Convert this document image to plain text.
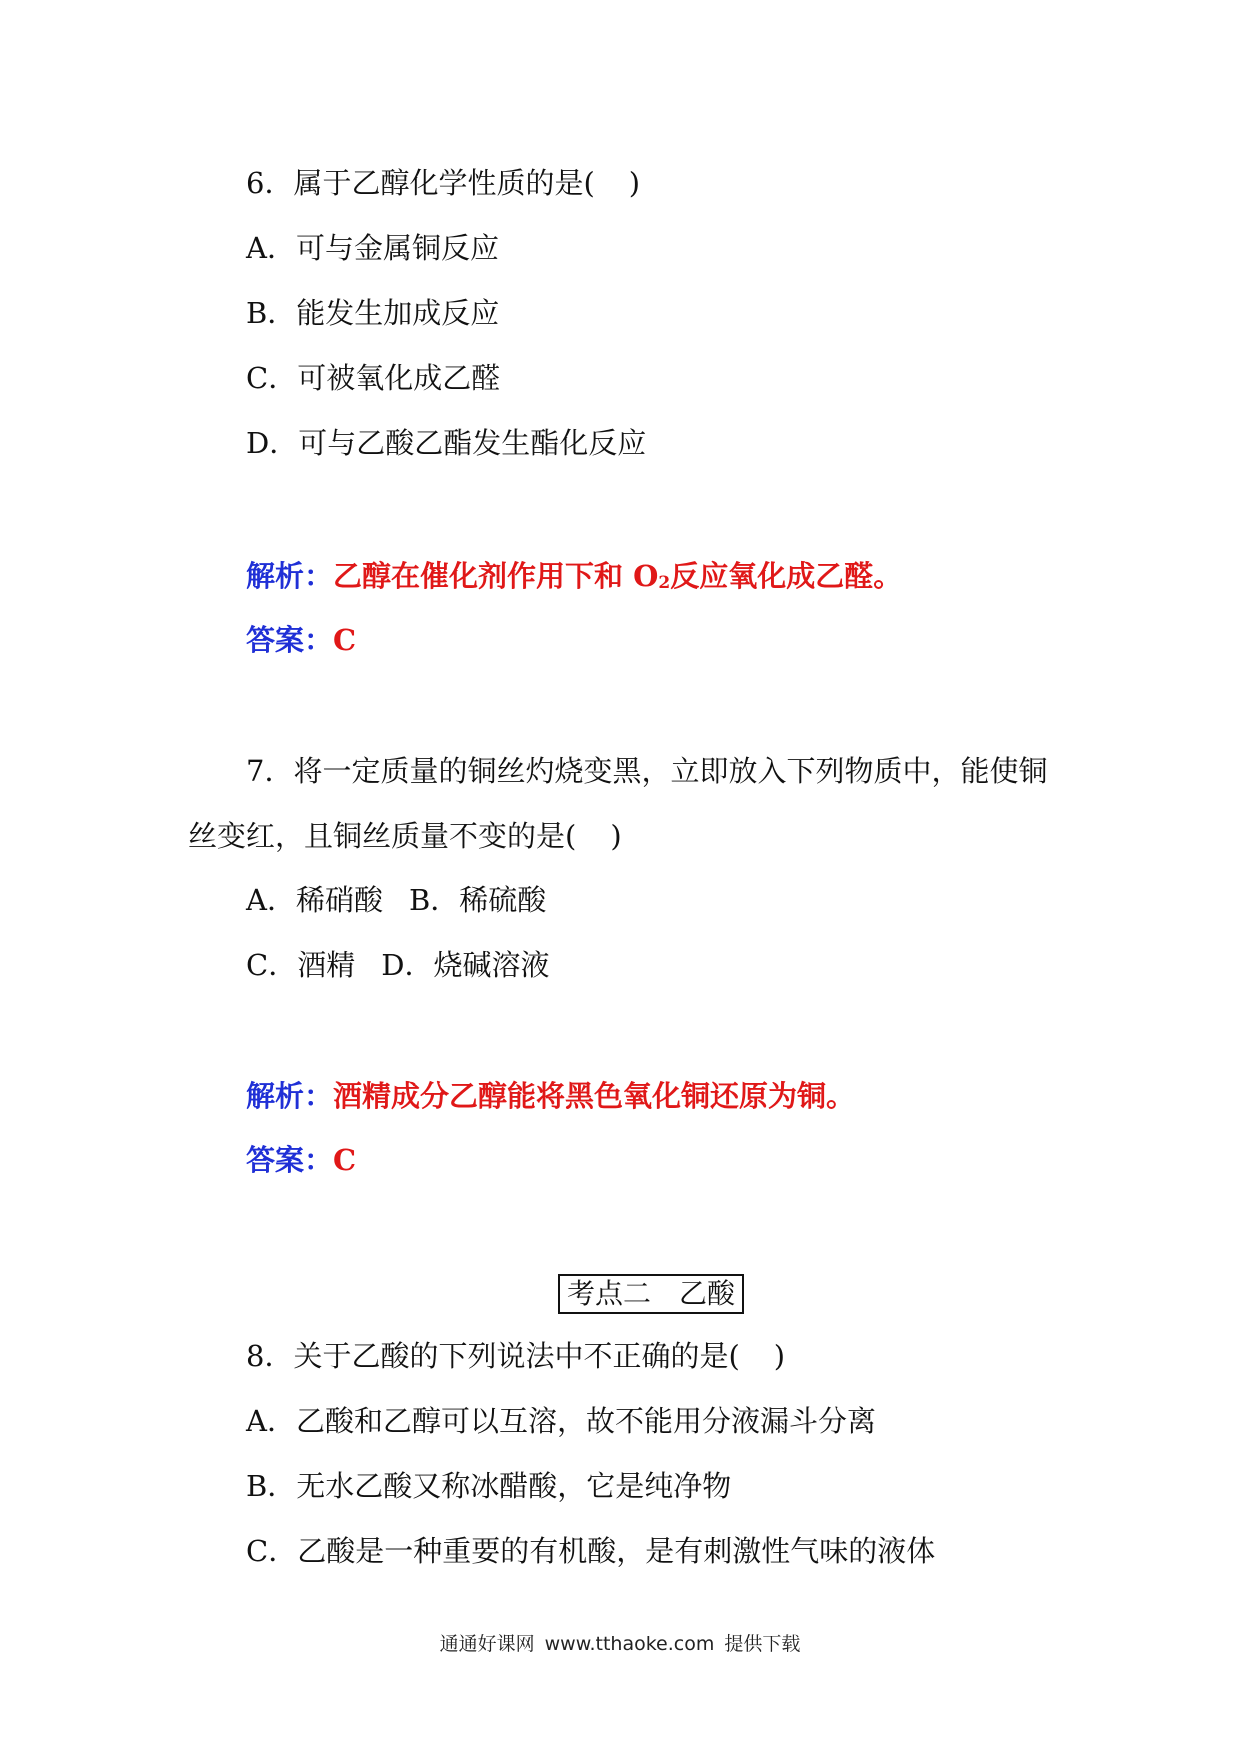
6．属于乙醇化学性质的是( )
A．可与金属铜反应
B．能发生加成反应
C．可被氧化成乙醛
D．可与乙酸乙酯发生酯化反应
解析：乙醇在催化剂作用下和 $O_2$反应氧化成乙醛。
答案：C
7．将一定质量的铜丝灼烧变黑，立即放入下列物质中，能使铜
丝变红，且铜丝质量不变的是( )
A．稀硝酸 B．稀硫酸
C．酒精 D．烧碱溶液
解析：酒精成分乙醇能将黑色氧化铜还原为铜。
答案：C
考点二 乙酸
8．关于乙酸的下列说法中不正确的是( )
A．乙酸和乙醇可以互溶，故不能用分液漏斗分离
B．无水乙酸又称冰醋酸，它是纯净物
C．乙酸是一种重要的有机酸，是有刺激性气味的液体
通通好课网 www.tthaoke.com 提供下载
